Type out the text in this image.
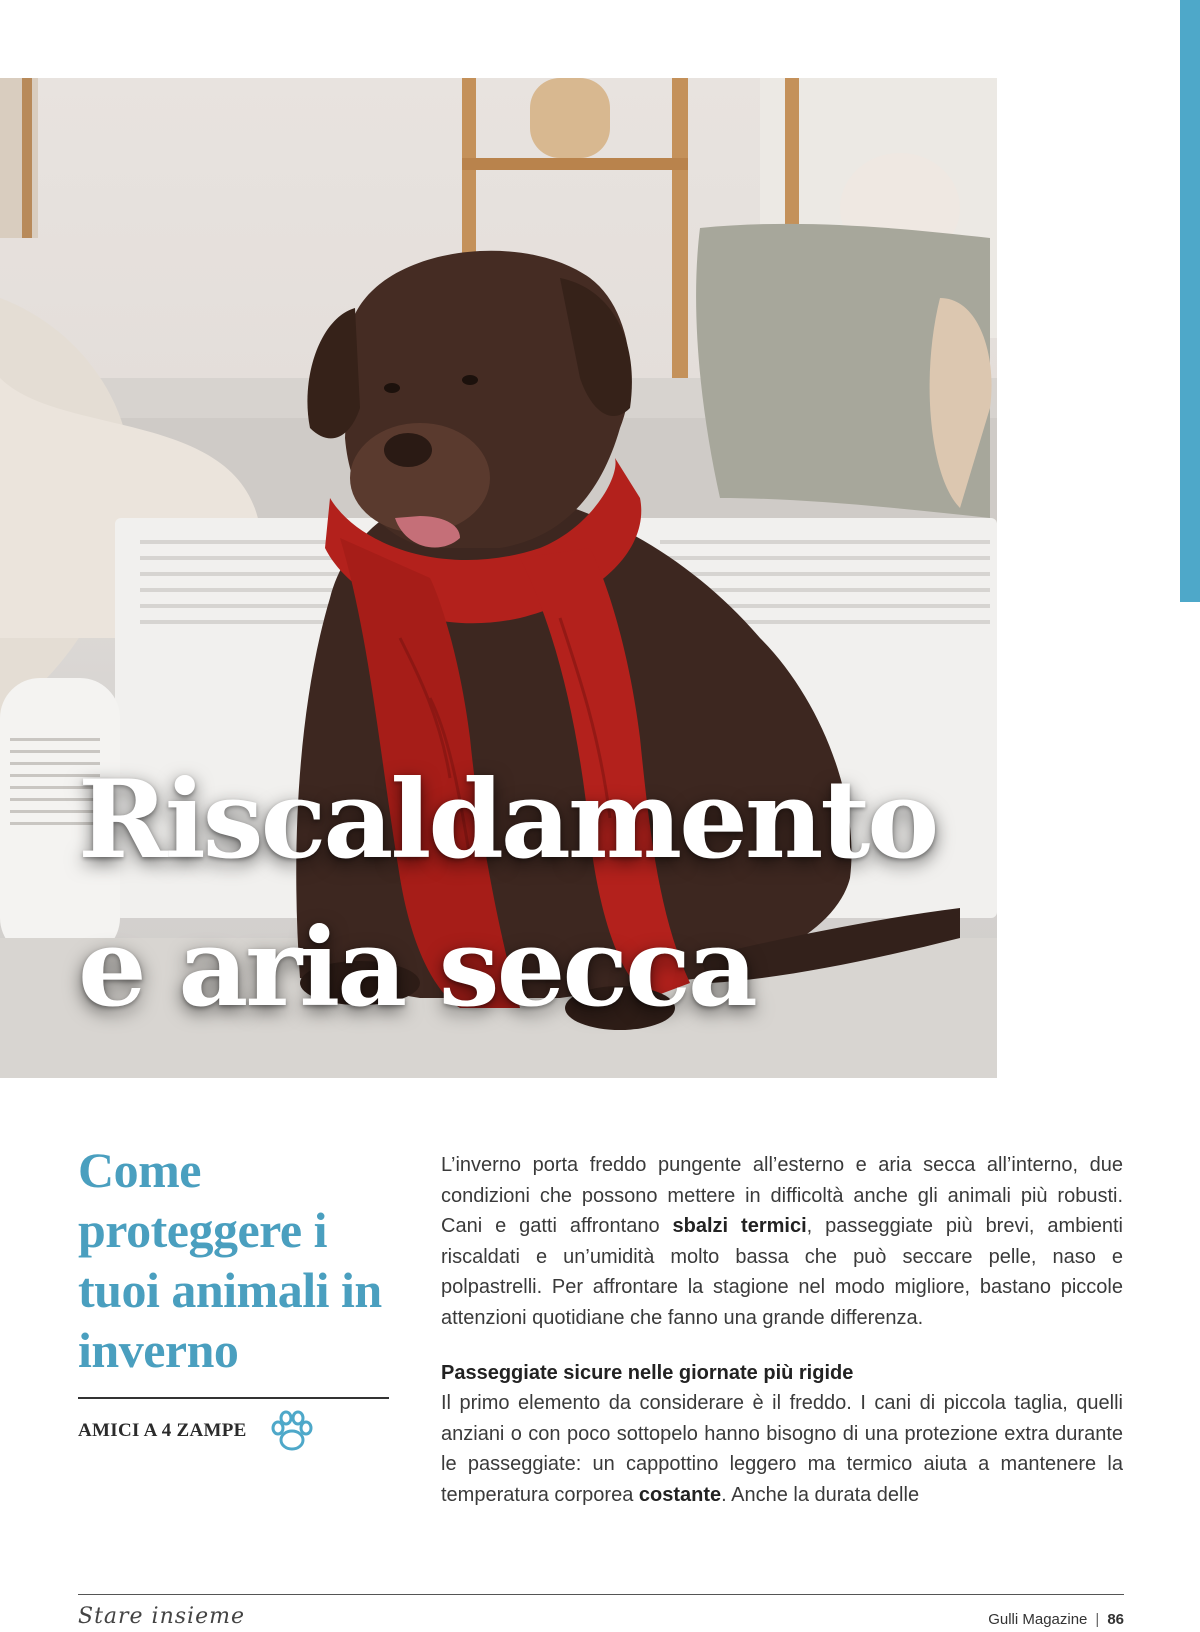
Riscaldamento
e aria secca
Come proteggere i tuoi animali in inverno
AMICI A 4 ZAMPE

L’inverno porta freddo pungente all’esterno e aria secca all’interno, due condizioni che possono mettere in difficoltà anche gli animali più robusti. Cani e gatti affrontano sbalzi termici, passeggiate più brevi, ambienti riscaldati e un’umidità molto bassa che può seccare pelle, naso e polpastrelli. Per affrontare la stagione nel modo migliore, bastano piccole attenzioni quotidiane che fanno una grande differenza.

Passeggiate sicure nelle giornate più rigide

Il primo elemento da considerare è il freddo. I cani di piccola taglia, quelli anziani o con poco sottopelo hanno bisogno di una protezione extra durante le passeggiate: un cappottino leggero ma termico aiuta a mantenere la temperatura corporea costante. Anche la durata delle

Stare insieme	Gulli Magazine | 86
